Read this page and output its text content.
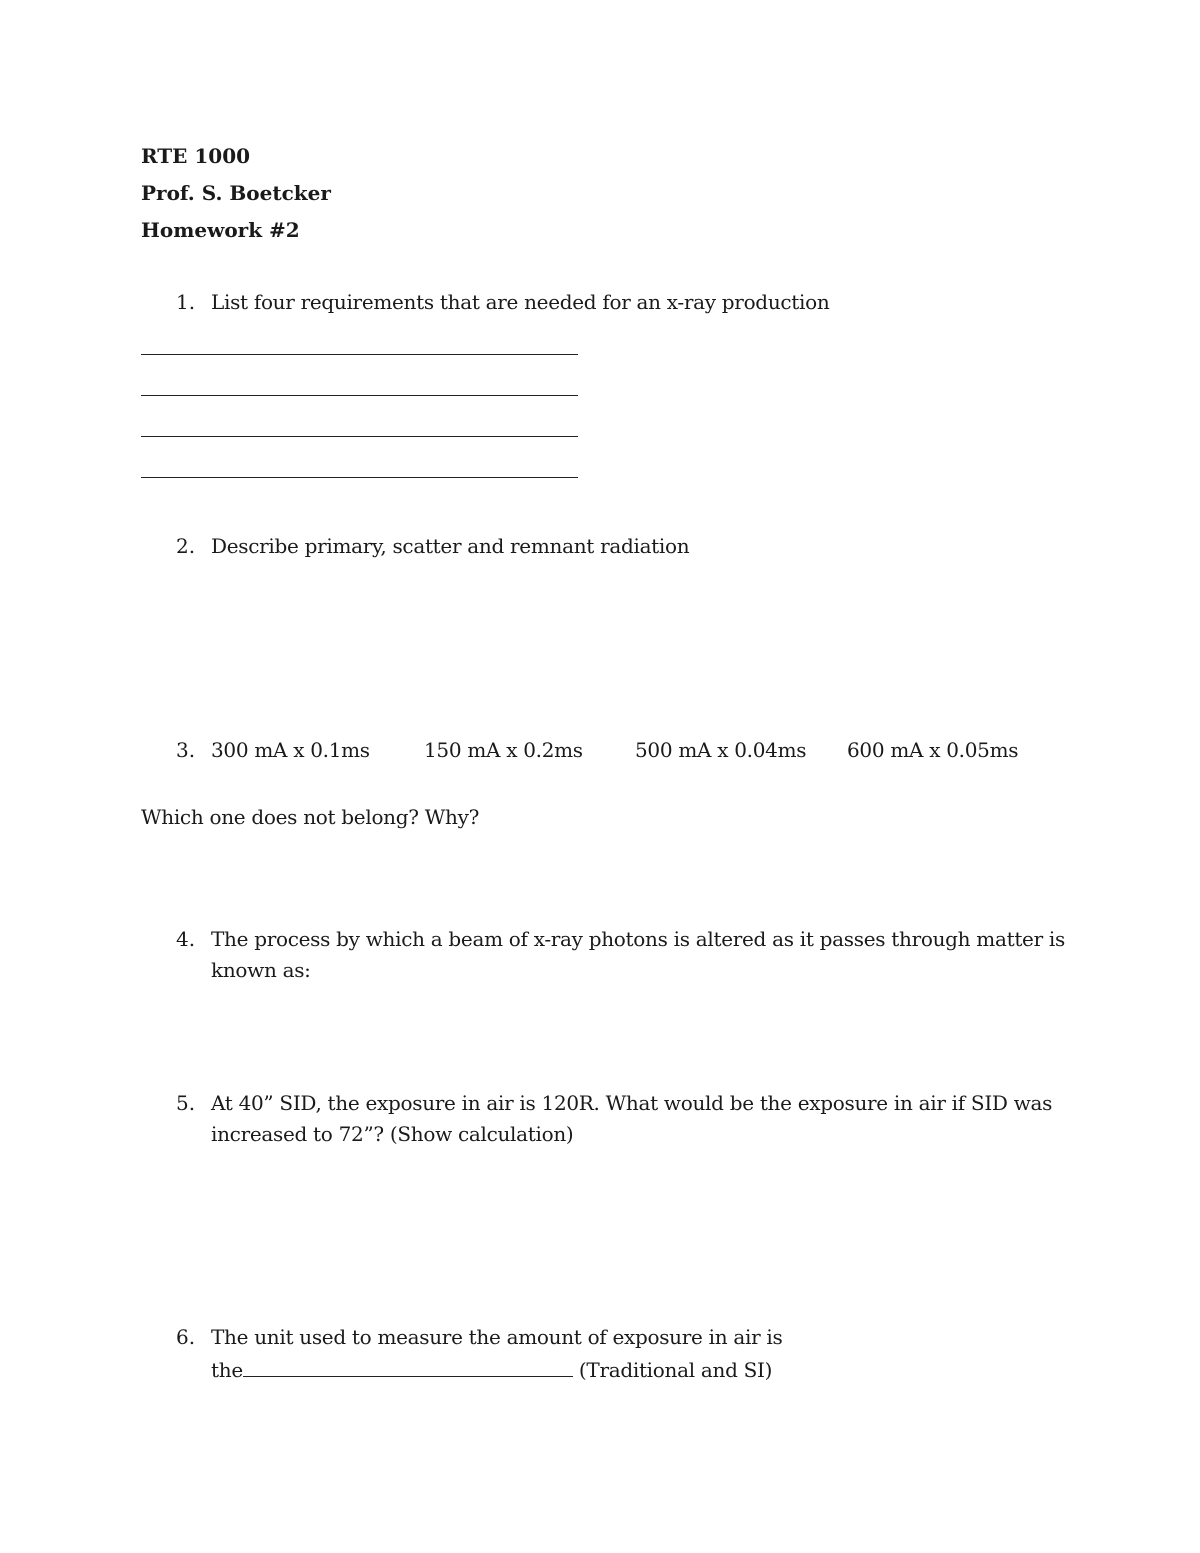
RTE 1000
Prof. S. Boetcker
Homework #2
1. List four requirements that are needed for an x-ray production
2. Describe primary, scatter and remnant radiation
3. 300 mA x 0.1ms	150 mA x 0.2ms	500 mA x 0.04ms 600 mA x 0.05ms
Which one does not belong? Why?
4. The process by which a beam of x-ray photons is altered as it passes through matter is
known as:
5. At 40” SID, the exposure in air is 120R. What would be the exposure in air if SID was
increased to 72”? (Show calculation)
6. The unit used to measure the amount of exposure in air is
the	(Traditional and SI)
